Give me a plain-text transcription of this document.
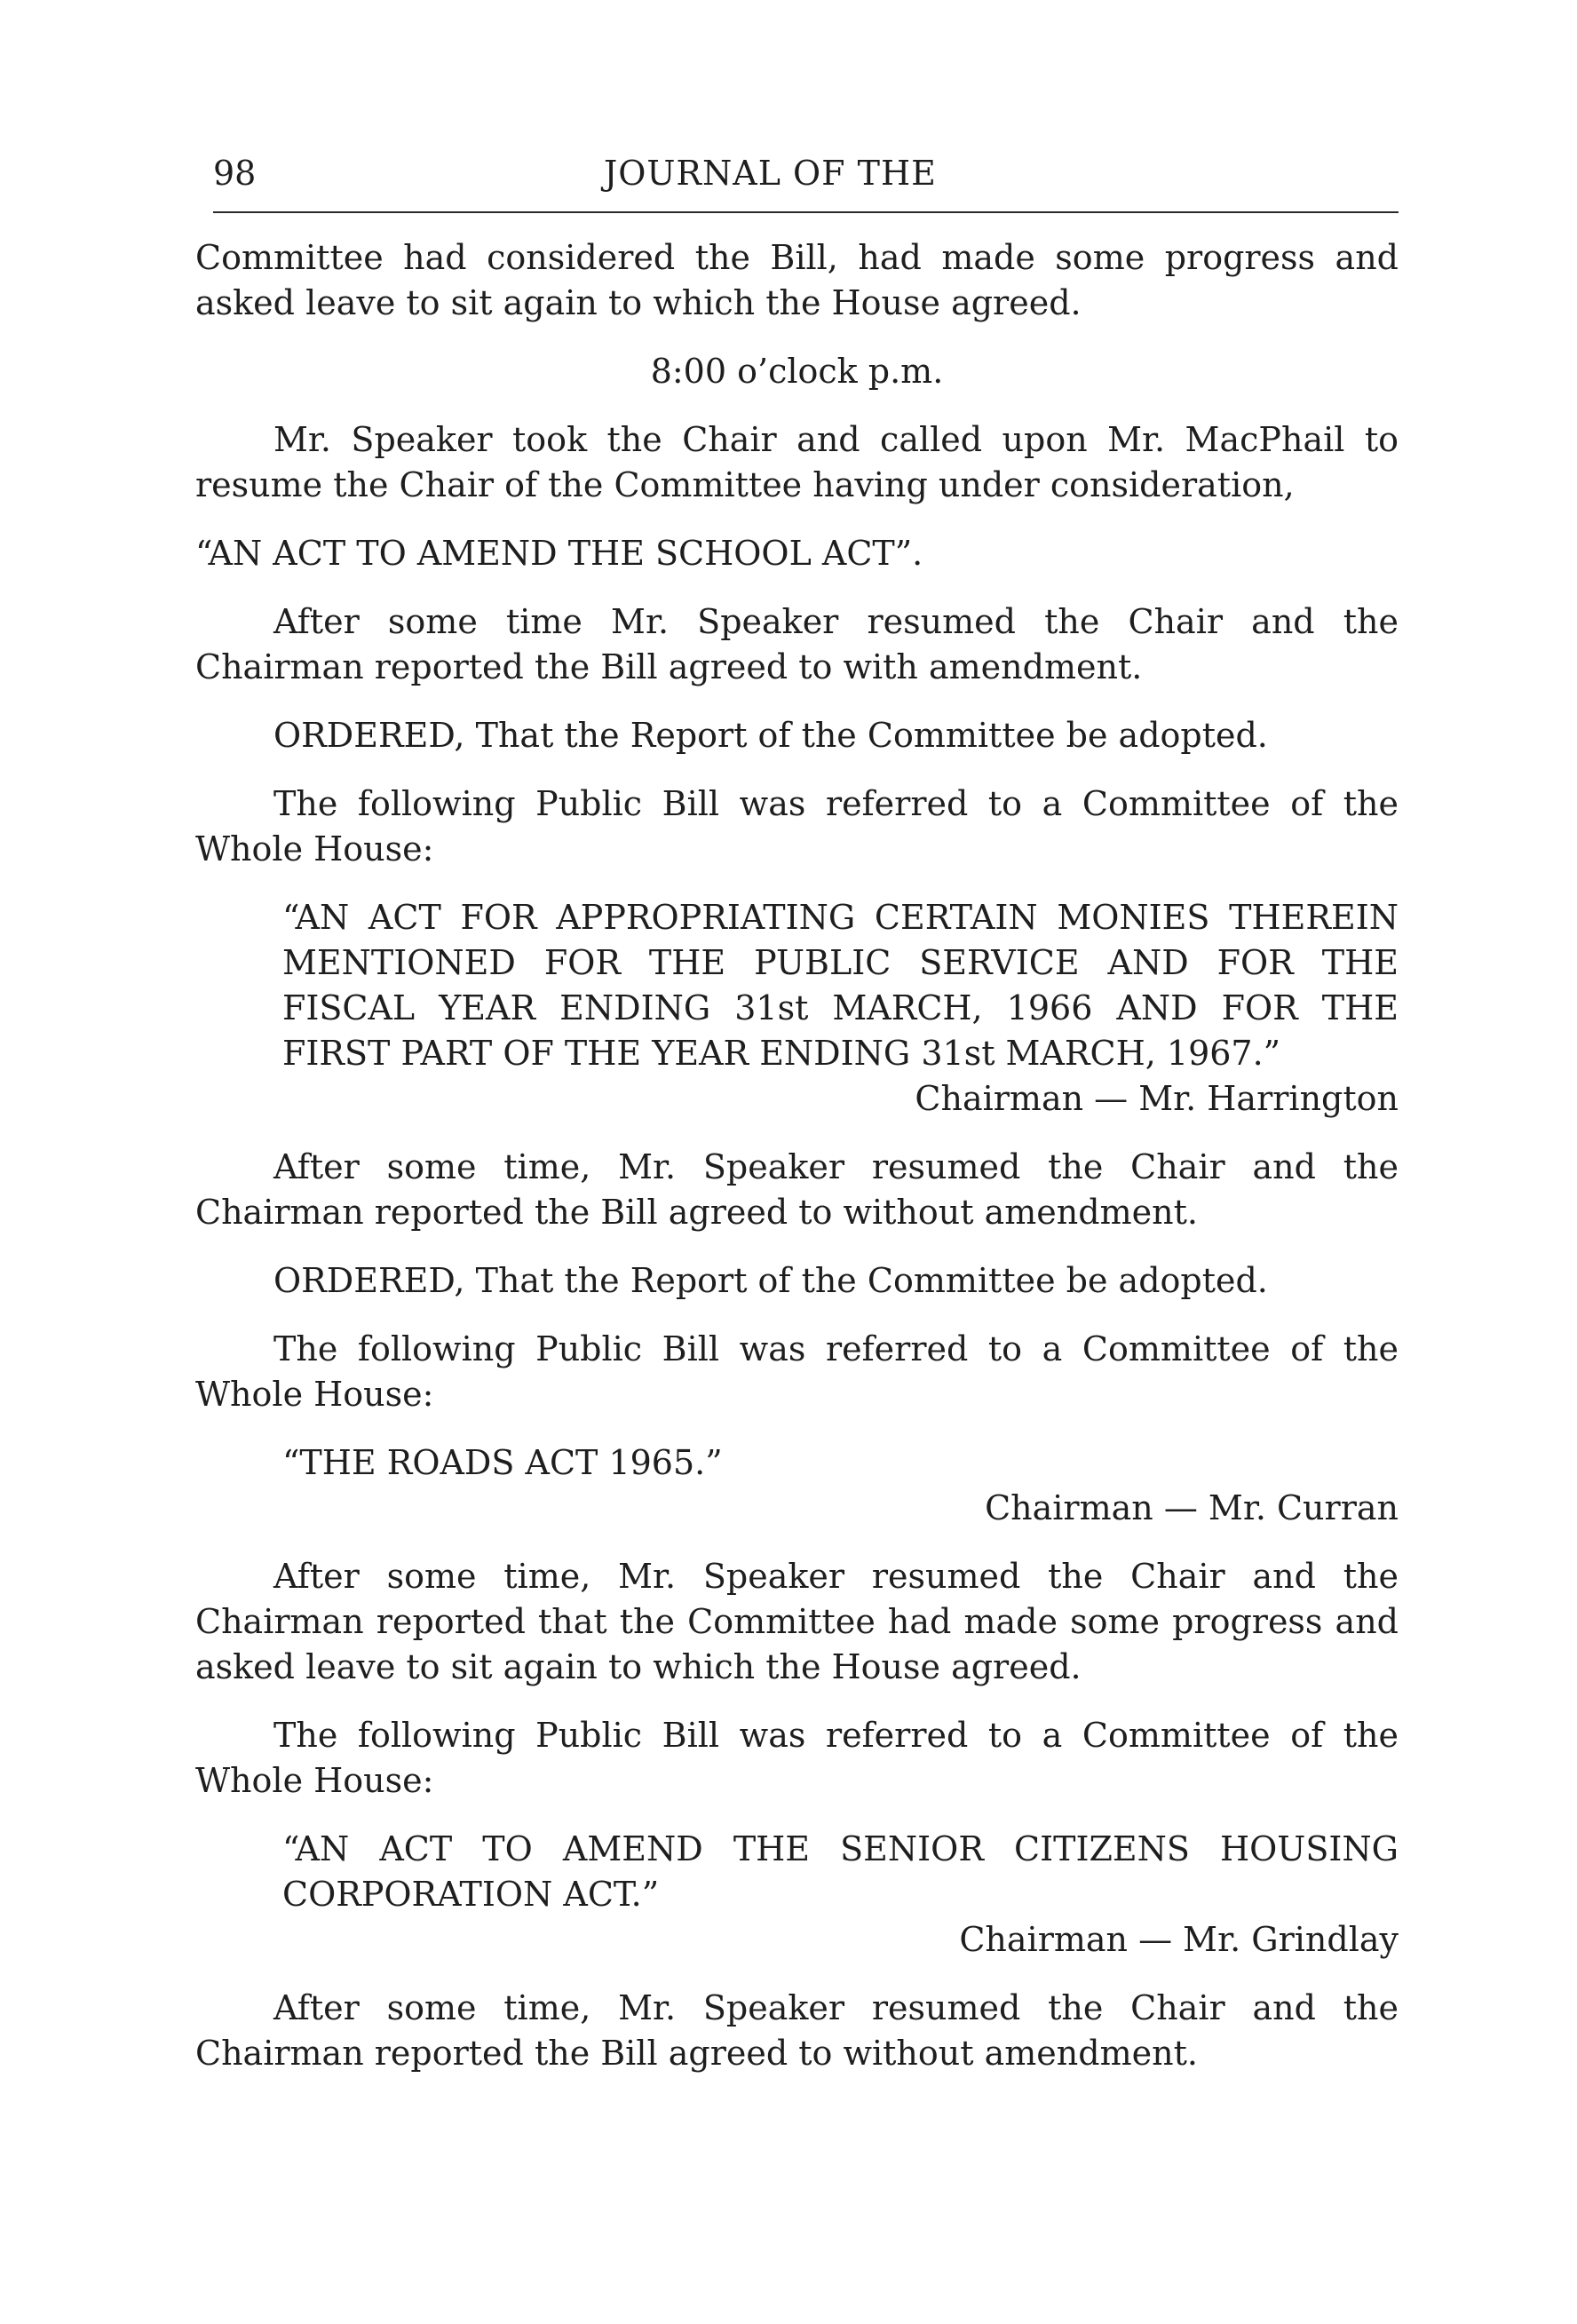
98	JOURNAL OF THE

Committee had considered the Bill, had made some progress and asked leave to sit again to which the House agreed.

8:00 o’clock p.m.

Mr. Speaker took the Chair and called upon Mr. MacPhail to resume the Chair of the Committee having under consideration,

“AN ACT TO AMEND THE SCHOOL ACT”.

After some time Mr. Speaker resumed the Chair and the Chairman reported the Bill agreed to with amendment.

ORDERED, That the Report of the Committee be adopted.

The following Public Bill was referred to a Committee of the Whole House:

“AN ACT FOR APPROPRIATING CERTAIN MONIES THEREIN MENTIONED FOR THE PUBLIC SERVICE AND FOR THE FISCAL YEAR ENDING 31st MARCH, 1966 AND FOR THE FIRST PART OF THE YEAR ENDING 31st MARCH, 1967.”

Chairman — Mr. Harrington

After some time, Mr. Speaker resumed the Chair and the Chairman reported the Bill agreed to without amendment.

ORDERED, That the Report of the Committee be adopted.

The following Public Bill was referred to a Committee of the Whole House:

“THE ROADS ACT 1965.”

Chairman — Mr. Curran

After some time, Mr. Speaker resumed the Chair and the Chairman reported that the Committee had made some progress and asked leave to sit again to which the House agreed.

The following Public Bill was referred to a Committee of the Whole House:

“AN ACT TO AMEND THE SENIOR CITIZENS HOUSING CORPORATION ACT.”

Chairman — Mr. Grindlay

After some time, Mr. Speaker resumed the Chair and the Chairman reported the Bill agreed to without amendment.
